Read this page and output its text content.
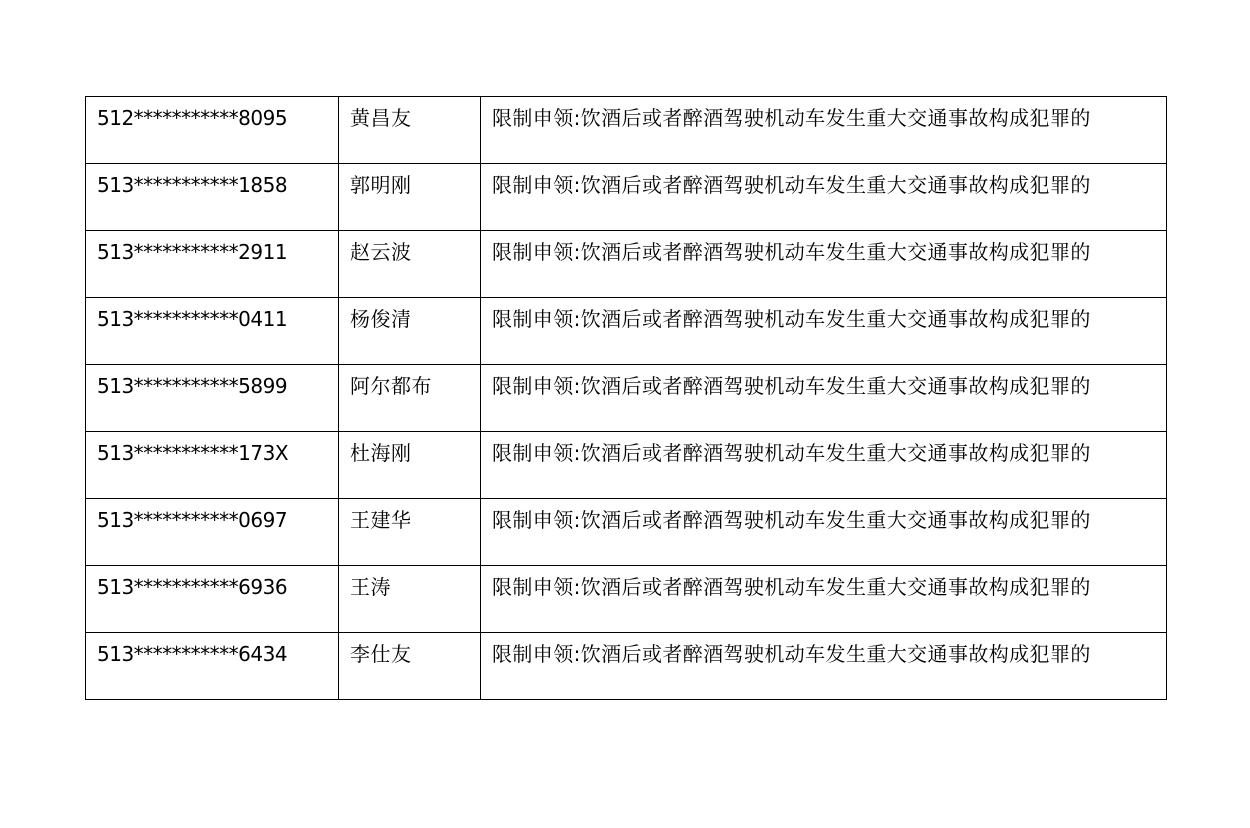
512***********8095	黄昌友	限制申领:饮酒后或者醉酒驾驶机动车发生重大交通事故构成犯罪的

513***********1858	郭明刚	限制申领:饮酒后或者醉酒驾驶机动车发生重大交通事故构成犯罪的

513***********2911	赵云波	限制申领:饮酒后或者醉酒驾驶机动车发生重大交通事故构成犯罪的

513***********0411	杨俊清	限制申领:饮酒后或者醉酒驾驶机动车发生重大交通事故构成犯罪的

513***********5899	阿尔都布	限制申领:饮酒后或者醉酒驾驶机动车发生重大交通事故构成犯罪的

513***********173X	杜海刚	限制申领:饮酒后或者醉酒驾驶机动车发生重大交通事故构成犯罪的

513***********0697	王建华	限制申领:饮酒后或者醉酒驾驶机动车发生重大交通事故构成犯罪的

513***********6936	王涛	限制申领:饮酒后或者醉酒驾驶机动车发生重大交通事故构成犯罪的

513***********6434	李仕友	限制申领:饮酒后或者醉酒驾驶机动车发生重大交通事故构成犯罪的
